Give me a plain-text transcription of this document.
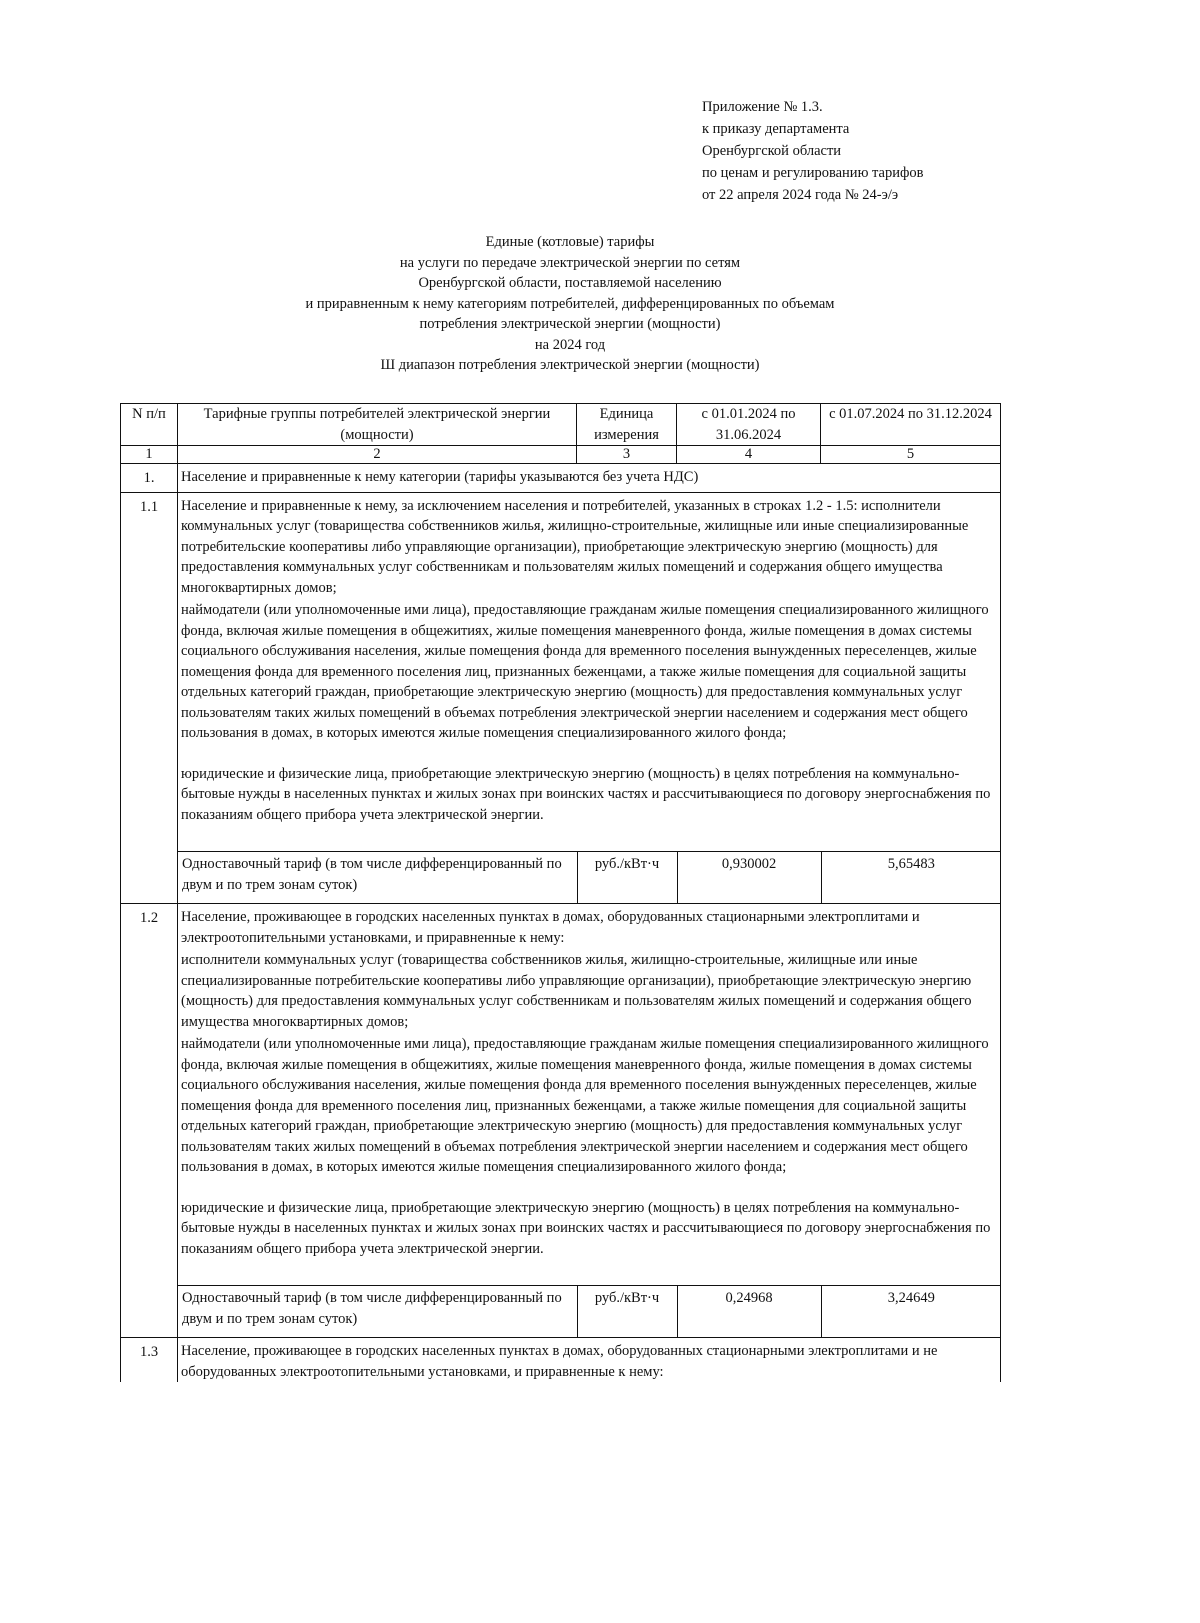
Приложение № 1.3.
к приказу департамента
Оренбургской области
по ценам и регулированию тарифов
от 22 апреля 2024 года № 24-э/э
Единые (котловые) тарифы
на услуги по передаче электрической энергии по сетям
Оренбургской области, поставляемой населению
и приравненным к нему категориям потребителей, дифференцированных по объемам
потребления электрической энергии (мощности)
на 2024 год
Ш диапазон потребления электрической энергии (мощности)
N п/п	Тарифные группы потребителей электрической энергии (мощности)	Единица измерения	с 01.01.2024 по 31.06.2024	с 01.07.2024 по 31.12.2024
1	2	3	4	5
1.	Население и приравненные к нему категории (тарифы указываются без учета НДС)
1.1	Население и приравненные к нему, за исключением населения и потребителей, указанных в строках 1.2 - 1.5: исполнители коммунальных услуг (товарищества собственников жилья, жилищно-строительные, жилищные или иные специализированные потребительские кооперативы либо управляющие организации), приобретающие электрическую энергию (мощность) для предоставления коммунальных услуг собственникам и пользователям жилых помещений и содержания общего имущества многоквартирных домов;

наймодатели (или уполномоченные ими лица), предоставляющие гражданам жилые помещения специализированного жилищного фонда, включая жилые помещения в общежитиях, жилые помещения маневренного фонда, жилые помещения в домах системы социального обслуживания населения, жилые помещения фонда для временного поселения вынужденных переселенцев, жилые помещения фонда для временного поселения лиц, признанных беженцами, а также жилые помещения для социальной защиты отдельных категорий граждан, приобретающие электрическую энергию (мощность) для предоставления коммунальных услуг пользователям таких жилых помещений в объемах потребления электрической энергии населением и содержания мест общего пользования в домах, в которых имеются жилые помещения специализированного жилого фонда;

юридические и физические лица, приобретающие электрическую энергию (мощность) в целях потребления на коммунально-бытовые нужды в населенных пунктах и жилых зонах при воинских частях и рассчитывающиеся по договору энергоснабжения по показаниям общего прибора учета электрической энергии.

Одноставочный тариф (в том числе дифференцированный по двум и по трем зонам суток)	руб./кВт·ч	0,930002	5,65483

1.2	Население, проживающее в городских населенных пунктах в домах, оборудованных стационарными электроплитами и электроотопительными установками, и приравненные к нему:

исполнители коммунальных услуг (товарищества собственников жилья, жилищно-строительные, жилищные или иные специализированные потребительские кооперативы либо управляющие организации), приобретающие электрическую энергию (мощность) для предоставления коммунальных услуг собственникам и пользователям жилых помещений и содержания общего имущества многоквартирных домов;

наймодатели (или уполномоченные ими лица), предоставляющие гражданам жилые помещения специализированного жилищного фонда, включая жилые помещения в общежитиях, жилые помещения маневренного фонда, жилые помещения в домах системы социального обслуживания населения, жилые помещения фонда для временного поселения вынужденных переселенцев, жилые помещения фонда для временного поселения лиц, признанных беженцами, а также жилые помещения для социальной защиты отдельных категорий граждан, приобретающие электрическую энергию (мощность) для предоставления коммунальных услуг пользователям таких жилых помещений в объемах потребления электрической энергии населением и содержания мест общего пользования в домах, в которых имеются жилые помещения специализированного жилого фонда;

юридические и физические лица, приобретающие электрическую энергию (мощность) в целях потребления на коммунально-бытовые нужды в населенных пунктах и жилых зонах при воинских частях и рассчитывающиеся по договору энергоснабжения по показаниям общего прибора учета электрической энергии.

Одноставочный тариф (в том числе дифференцированный по двум и по трем зонам суток)	руб./кВт·ч	0,24968	3,24649

1.3	Население, проживающее в городских населенных пунктах в домах, оборудованных стационарными электроплитами и не оборудованных электроотопительными установками, и приравненные к нему:
